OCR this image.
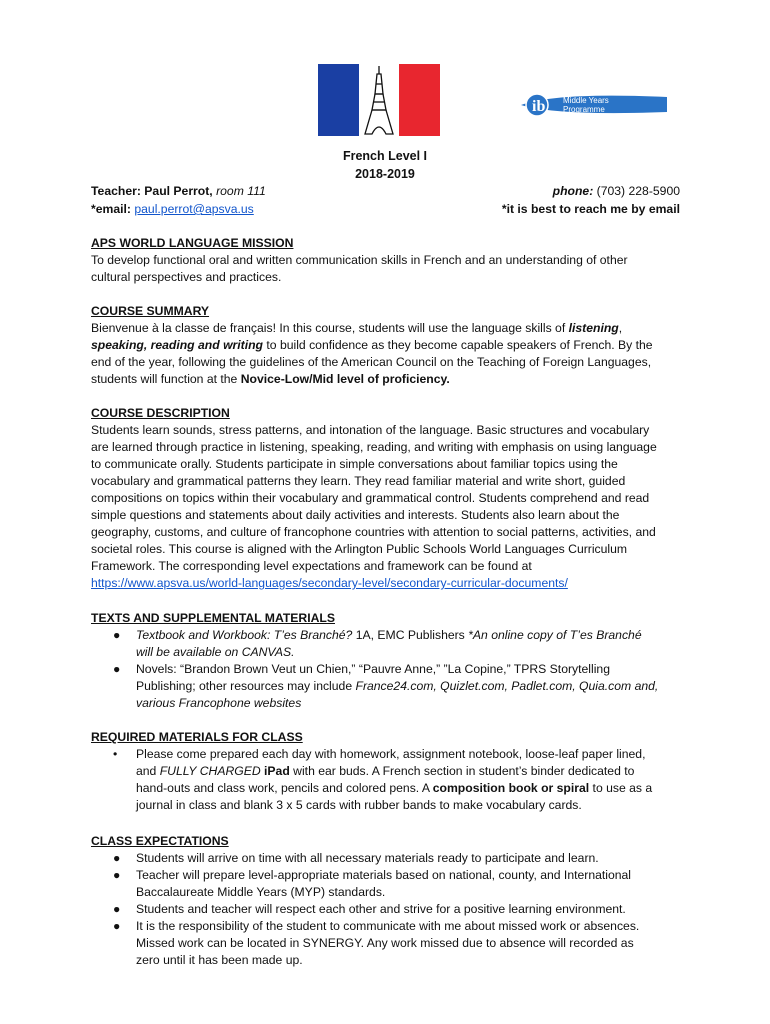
ib Middle Years
Programme
French Level I
2018-2019
Teacher: Paul Perrot, room 111
*email: paul.perrot@apsva.us
phone: (703) 228-5900
*it is best to reach me by email
APS WORLD LANGUAGE MISSION
To develop functional oral and written communication skills in French and an understanding of other
cultural perspectives and practices.
COURSE SUMMARY
Bienvenue à la classe de français! In this course, students will use the language skills of listening,
speaking, reading and writing to build confidence as they become capable speakers of French. By the
end of the year, following the guidelines of the American Council on the Teaching of Foreign Languages,
students will function at the Novice-Low/Mid level of proficiency.
COURSE DESCRIPTION
Students learn sounds, stress patterns, and intonation of the language. Basic structures and vocabulary
are learned through practice in listening, speaking, reading, and writing with emphasis on using language
to communicate orally. Students participate in simple conversations about familiar topics using the
vocabulary and grammatical patterns they learn. They read familiar material and write short, guided
compositions on topics within their vocabulary and grammatical control. Students comprehend and read
simple questions and statements about daily activities and interests. Students also learn about the
geography, customs, and culture of francophone countries with attention to social patterns, activities, and
societal roles. This course is aligned with the Arlington Public Schools World Languages Curriculum
Framework. The corresponding level expectations and framework can be found at
https://www.apsva.us/world-languages/secondary-level/secondary-curricular-documents/
TEXTS AND SUPPLEMENTAL MATERIALS
● Textbook and Workbook: T’es Branché? 1A, EMC Publishers *An online copy of T’es Branché
will be available on CANVAS.
● Novels: “Brandon Brown Veut un Chien,” “Pauvre Anne,” ”La Copine,” TPRS Storytelling
Publishing; other resources may include France24.com, Quizlet.com, Padlet.com, Quia.com and,
various Francophone websites
REQUIRED MATERIALS FOR CLASS
• Please come prepared each day with homework, assignment notebook, loose-leaf paper lined,
and FULLY CHARGED iPad with ear buds. A French section in student’s binder dedicated to
hand-outs and class work, pencils and colored pens. A composition book or spiral to use as a
journal in class and blank 3 x 5 cards with rubber bands to make vocabulary cards.
CLASS EXPECTATIONS
● Students will arrive on time with all necessary materials ready to participate and learn.
● Teacher will prepare level-appropriate materials based on national, county, and International
Baccalaureate Middle Years (MYP) standards.
● Students and teacher will respect each other and strive for a positive learning environment.
● It is the responsibility of the student to communicate with me about missed work or absences.
Missed work can be located in SYNERGY. Any work missed due to absence will recorded as
zero until it has been made up.
